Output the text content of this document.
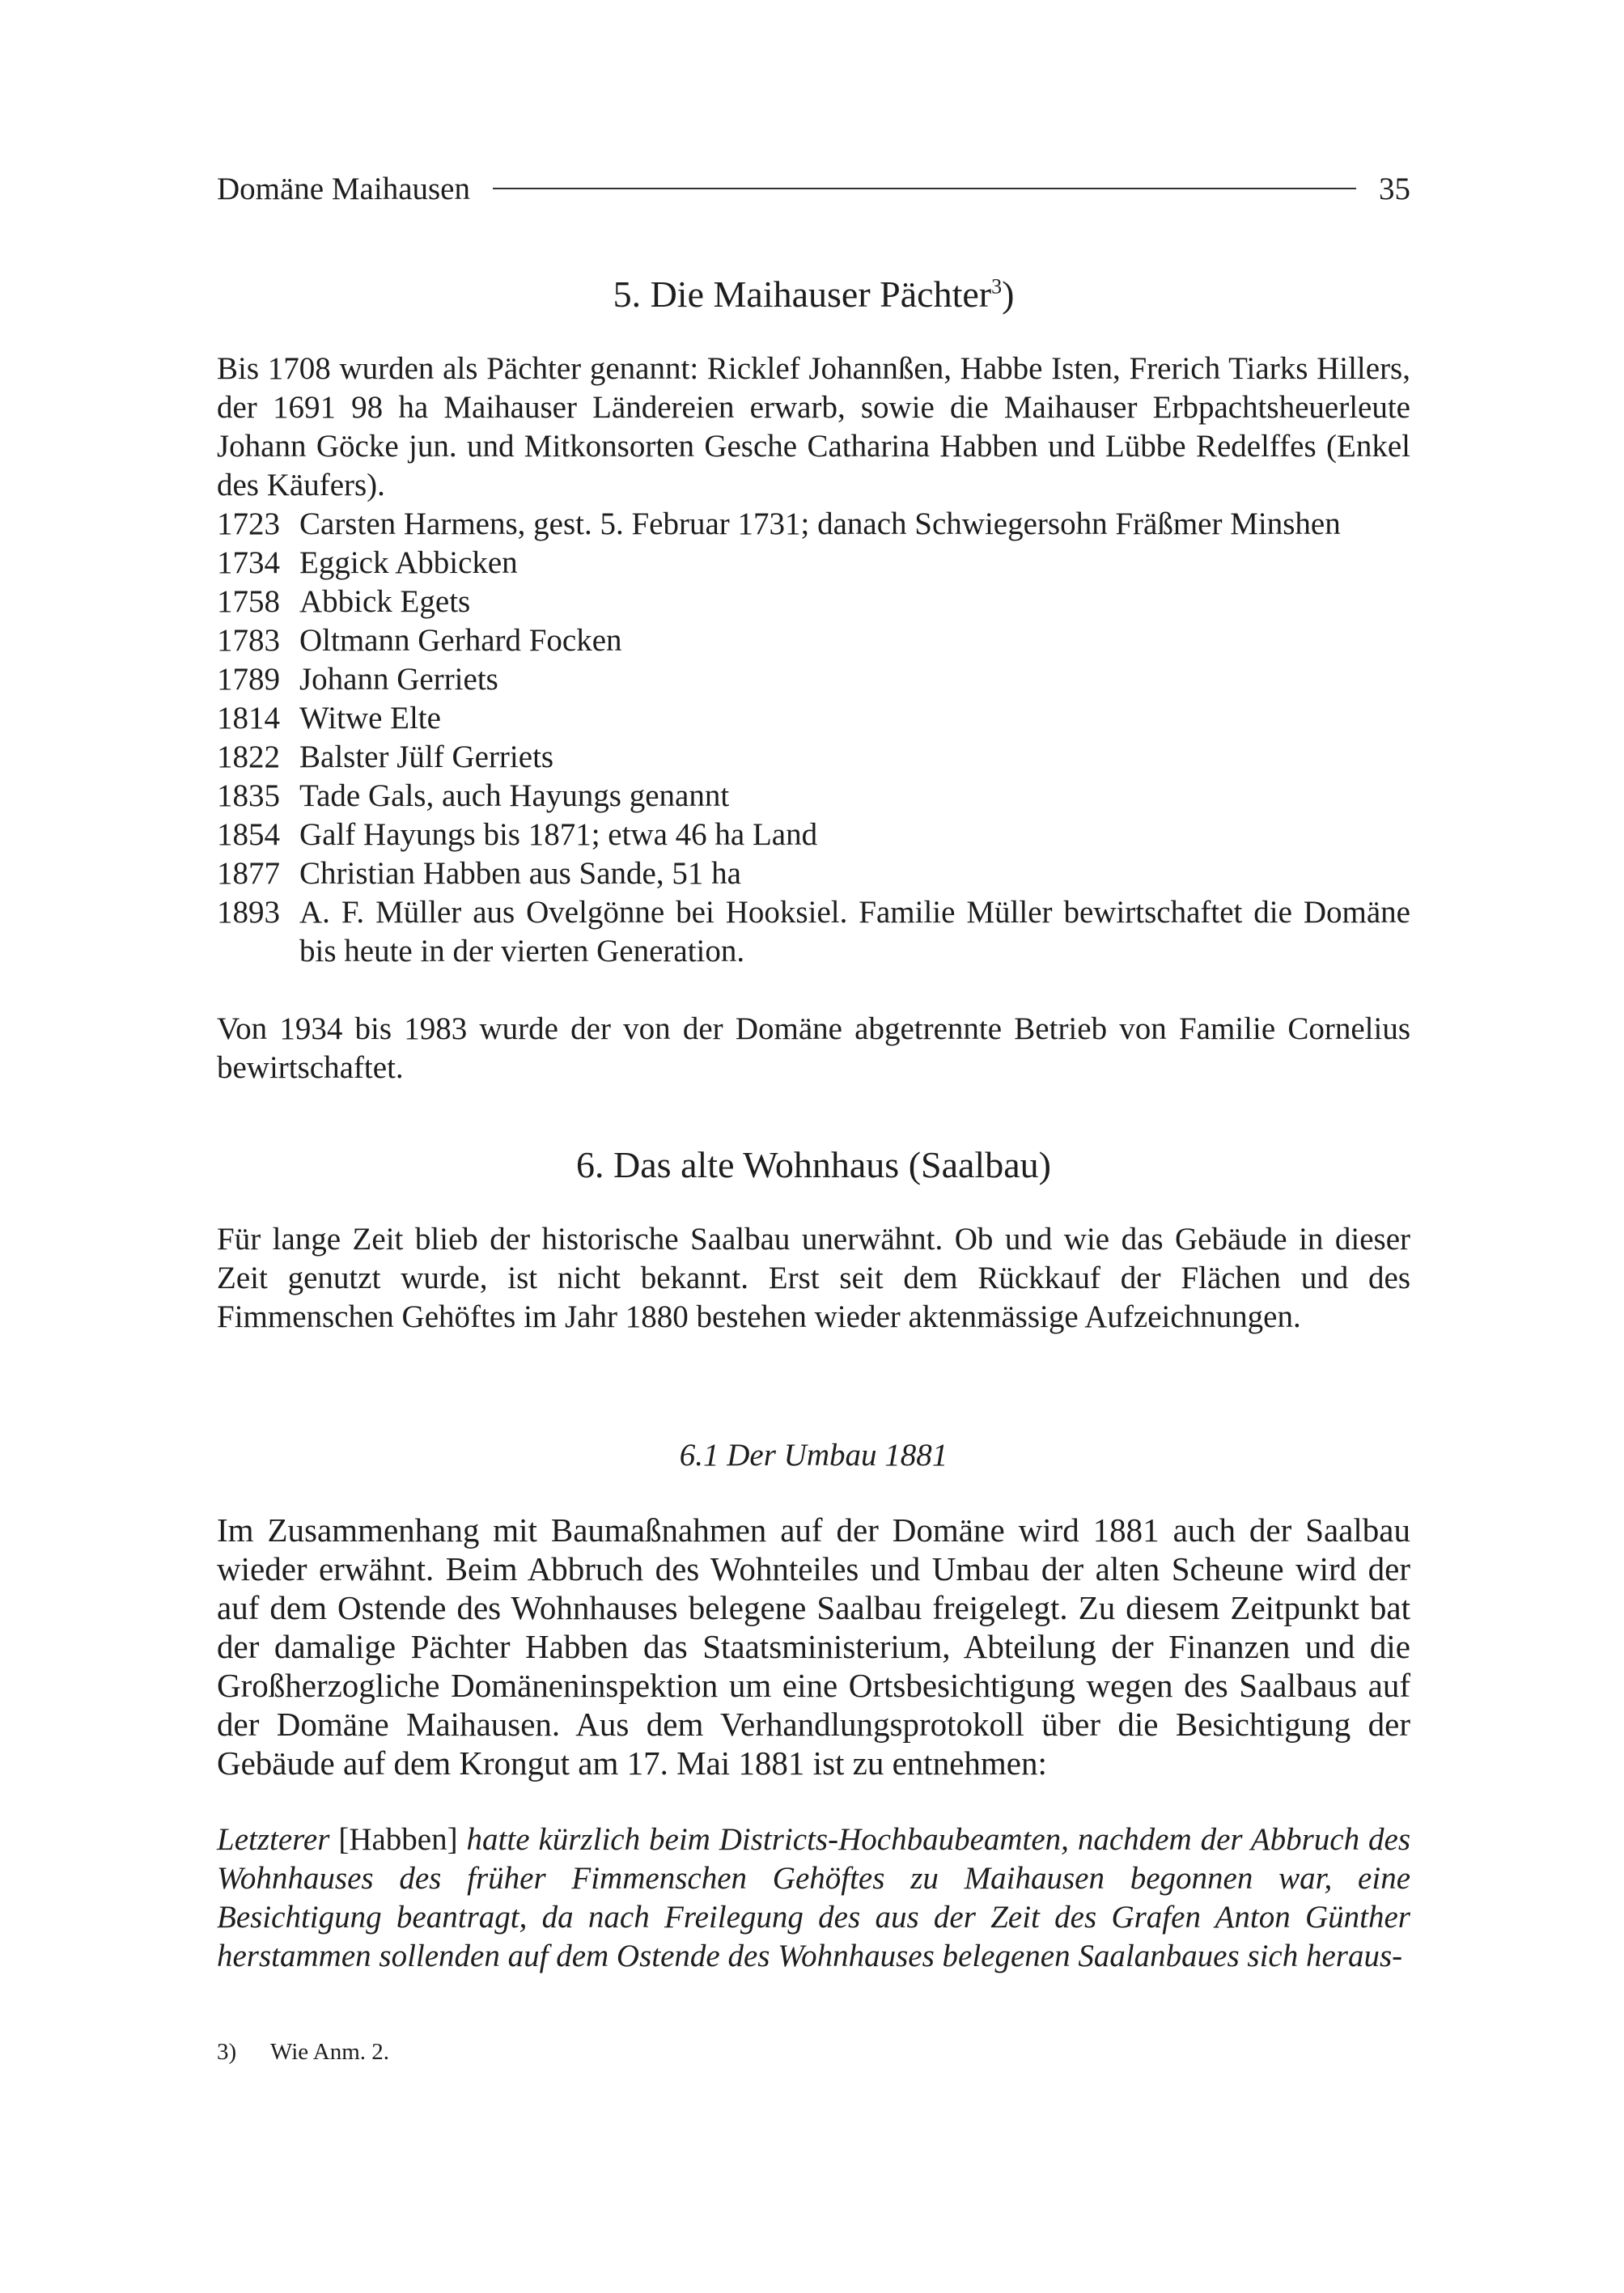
Domäne Maihausen	35
5. Die Maihauser Pächter$^3$)

Bis 1708 wurden als Pächter genannt: Ricklef Johannßen, Habbe Isten, Frerich Tiarks Hillers, der 1691 98 ha Maihauser Ländereien erwarb, sowie die Maihauser Erbpachtsheuerleute Johann Göcke jun. und Mitkonsorten Gesche Catharina Habben und Lübbe Redelffes (Enkel des Käufers).

1723 Carsten Harmens, gest. 5. Februar 1731; danach Schwiegersohn Fräßmer Minshen
1734 Eggick Abbicken
1758 Abbick Egets
1783 Oltmann Gerhard Focken
1789 Johann Gerriets
1814 Witwe Elte
1822 Balster Jülf Gerriets
1835 Tade Gals, auch Hayungs genannt
1854 Galf Hayungs bis 1871; etwa 46 ha Land
1877 Christian Habben aus Sande, 51 ha
1893 A. F. Müller aus Ovelgönne bei Hooksiel. Familie Müller bewirtschaftet die Domäne bis heute in der vierten Generation.

Von 1934 bis 1983 wurde der von der Domäne abgetrennte Betrieb von Familie Cornelius bewirtschaftet.

6. Das alte Wohnhaus (Saalbau)

Für lange Zeit blieb der historische Saalbau unerwähnt. Ob und wie das Gebäude in dieser Zeit genutzt wurde, ist nicht bekannt. Erst seit dem Rückkauf der Flächen und des Fimmenschen Gehöftes im Jahr 1880 bestehen wieder aktenmässige Aufzeichnungen.

6.1 Der Umbau 1881

Im Zusammenhang mit Baumaßnahmen auf der Domäne wird 1881 auch der Saalbau wieder erwähnt. Beim Abbruch des Wohnteiles und Umbau der alten Scheune wird der auf dem Ostende des Wohnhauses belegene Saalbau freigelegt. Zu diesem Zeitpunkt bat der damalige Pächter Habben das Staatsministerium, Abteilung der Finanzen und die Großherzogliche Domäneninspektion um eine Ortsbesichtigung wegen des Saalbaus auf der Domäne Maihausen. Aus dem Verhandlungsprotokoll über die Besichtigung der Gebäude auf dem Krongut am 17. Mai 1881 ist zu entnehmen:

Letzterer [Habben] hatte kürzlich beim Districts-Hochbaubeamten, nachdem der Abbruch des Wohnhauses des früher Fimmenschen Gehöftes zu Maihausen begonnen war, eine Besichtigung beantragt, da nach Freilegung des aus der Zeit des Grafen Anton Günther herstammen sollenden auf dem Ostende des Wohnhauses belegenen Saalanbaues sich heraus-

3)	Wie Anm. 2.
